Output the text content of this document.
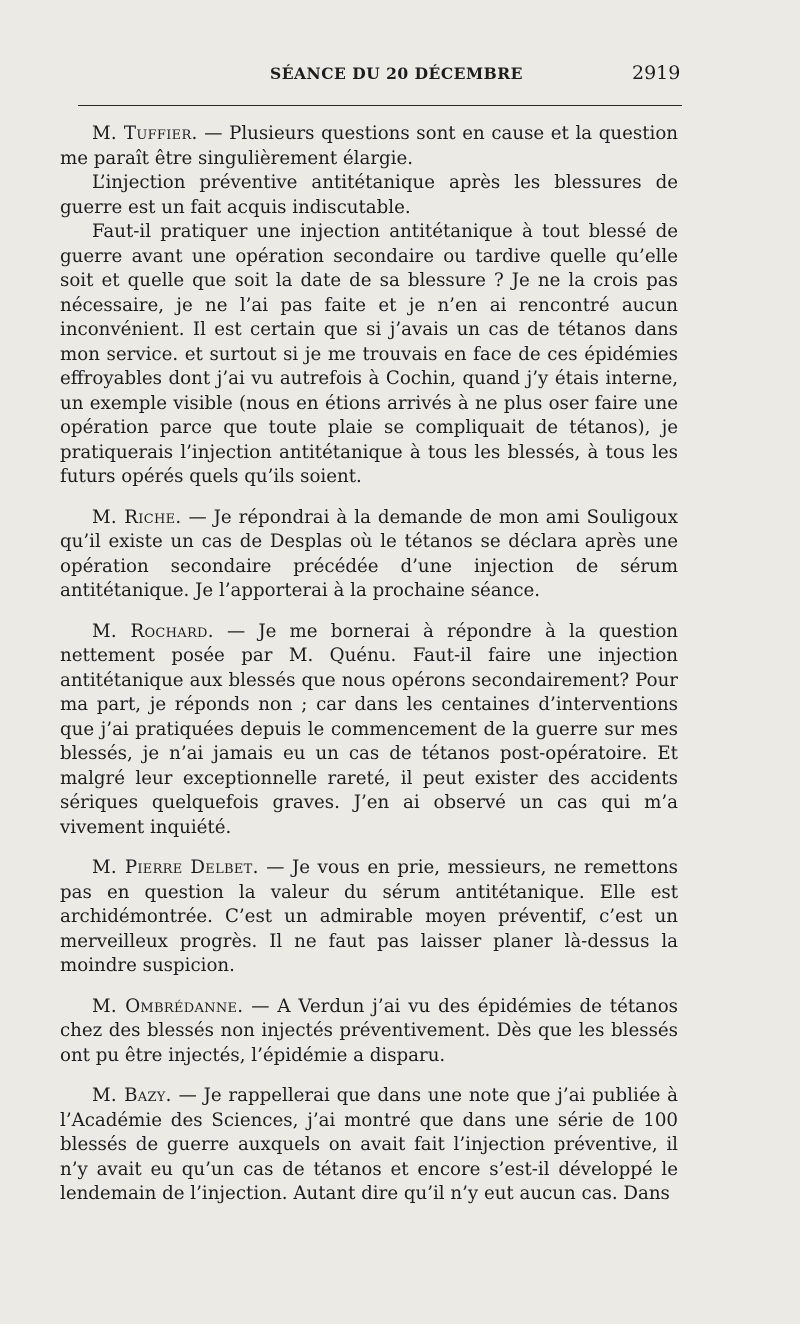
SÉANCE DU 20 DÉCEMBRE	2919

M. Tuffier. — Plusieurs questions sont en cause et la question me paraît être singulièrement élargie.

L’injection préventive antitétanique après les blessures de guerre est un fait acquis indiscutable.

Faut-il pratiquer une injection antitétanique à tout blessé de guerre avant une opération secondaire ou tardive quelle qu’elle soit et quelle que soit la date de sa blessure ? Je ne la crois pas nécessaire, je ne l’ai pas faite et je n’en ai rencontré aucun inconvénient. Il est certain que si j’avais un cas de tétanos dans mon service. et surtout si je me trouvais en face de ces épidémies effroyables dont j’ai vu autrefois à Cochin, quand j’y étais interne, un exemple visible (nous en étions arrivés à ne plus oser faire une opération parce que toute plaie se compliquait de tétanos), je pratiquerais l’injection antitétanique à tous les blessés, à tous les futurs opérés quels qu’ils soient.

M. Riche. — Je répondrai à la demande de mon ami Souligoux qu’il existe un cas de Desplas où le tétanos se déclara après une opération secondaire précédée d’une injection de sérum antitétanique. Je l’apporterai à la prochaine séance.

M. Rochard. — Je me bornerai à répondre à la question nettement posée par M. Quénu. Faut-il faire une injection antitétanique aux blessés que nous opérons secondairement? Pour ma part, je réponds non ; car dans les centaines d’interventions que j’ai pratiquées depuis le commencement de la guerre sur mes blessés, je n’ai jamais eu un cas de tétanos post-opératoire. Et malgré leur exceptionnelle rareté, il peut exister des accidents sériques quelquefois graves. J’en ai observé un cas qui m’a vivement inquiété.

M. Pierre Delbet. — Je vous en prie, messieurs, ne remettons pas en question la valeur du sérum antitétanique. Elle est archidémontrée. C’est un admirable moyen préventif, c’est un merveilleux progrès. Il ne faut pas laisser planer là-dessus la moindre suspicion.

M. Ombrédanne. — A Verdun j’ai vu des épidémies de tétanos chez des blessés non injectés préventivement. Dès que les blessés ont pu être injectés, l’épidémie a disparu.

M. Bazy. — Je rappellerai que dans une note que j’ai publiée à l’Académie des Sciences, j’ai montré que dans une série de 100 blessés de guerre auxquels on avait fait l’injection préventive, il n’y avait eu qu’un cas de tétanos et encore s’est-il développé le lendemain de l’injection. Autant dire qu’il n’y eut aucun cas. Dans
